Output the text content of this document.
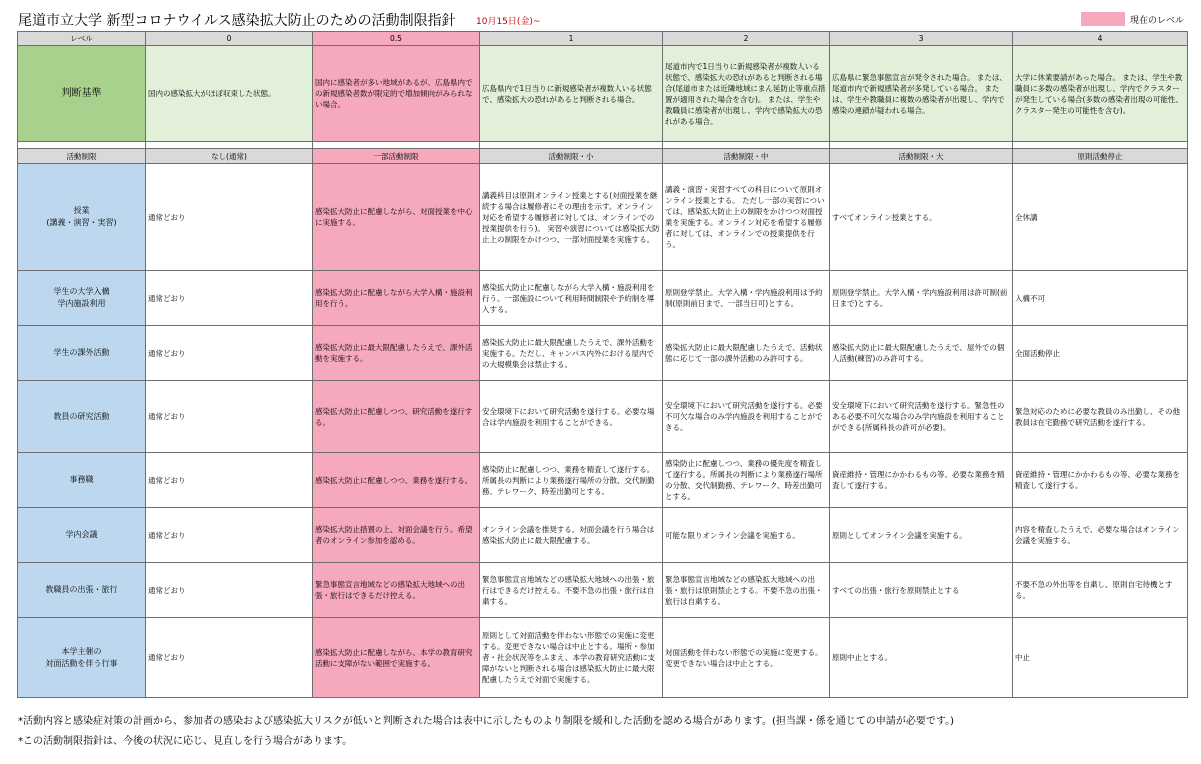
尾道市立大学 新型コロナウイルス感染拡大防止のための活動制限指針 10月15日(金)~	現在のレベル
レベル	0	0.5	1	2	3	4
判断基準	国内の感染拡大がほぼ収束した状態。	国内に感染者が多い地域があるが、広島県内での新規感染者数が限定的で増加傾向がみられない場合。	広島県内で1日当りに新規感染者が複数人いる状態で、感染拡大の恐れがあると判断される場合。	尾道市内で1日当りに新規感染者が複数人いる状態で、感染拡大の恐れがあると判断される場合(尾道市または近隣地域にまん延防止等重点措置が適用された場合を含む)。 または、学生や教職員に感染者が出現し、学内で感染拡大の恐れがある場合。	広島県に緊急事態宣言が発令された場合。 または、尾道市内で新規感染者が多発している場合。 または、学生や教職員に複数の感染者が出現し、学内で感染の連鎖が疑われる場合。	大学に休業要請があった場合。 または、学生や教職員に多数の感染者が出現し、学内でクラスターが発生している場合(多数の感染者出現の可能性、クラスター発生の可能性を含む)。

活動制限	なし(通常)	一部活動制限	活動制限・小	活動制限・中	活動制限・大	原則活動停止
授業
(講義・演習・実習)	通常どおり	感染拡大防止に配慮しながら、対面授業を中心に実施する。	講義科目は原則オンライン授業とする(対面授業を継続する場合は履修者にその理由を示す。オンライン対応を希望する履修者に対しては、オンラインでの授業提供を行う)。 実習や演習については感染拡大防止上の制限をかけつつ、一部対面授業を実施する。	講義・演習・実習すべての科目について原則オンライン授業とする。 ただし一部の実習については、感染拡大防止上の制限をかけつつ対面授業を実施する。オンライン対応を希望する履修者に対しては、オンラインでの授業提供を行う。	すべてオンライン授業とする。	全休講
学生の大学入構
学内施設利用	通常どおり	感染拡大防止に配慮しながら大学入構・施設利用を行う。	感染拡大防止に配慮しながら大学入構・施設利用を行う。一部施設について利用時間制限や予約制を導入する。	原則登学禁止。大学入構・学内施設利用は予約制(原則前日まで、一部当日可)とする。	原則登学禁止。大学入構・学内施設利用は許可制(前日まで)とする。	入構不可
学生の課外活動	通常どおり	感染拡大防止に最大限配慮したうえで、課外活動を実施する。	感染拡大防止に最大限配慮したうえで、課外活動を実施する。ただし、キャンパス内外における屋内での大規模集会は禁止する。	感染拡大防止に最大限配慮したうえで、活動状態に応じて一部の課外活動のみ許可する。	感染拡大防止に最大限配慮したうえで、屋外での個人活動(練習)のみ許可する。	全面活動停止
教員の研究活動	通常どおり	感染拡大防止に配慮しつつ、研究活動を遂行する。	安全環境下において研究活動を遂行する。必要な場合は学内施設を利用することができる。	安全環境下において研究活動を遂行する。必要不可欠な場合のみ学内施設を利用することができる。	安全環境下において研究活動を遂行する。緊急性のある必要不可欠な場合のみ学内施設を利用することができる(所属科長の許可が必要)。	緊急対応のために必要な教員のみ出勤し、その他教員は在宅勤務で研究活動を遂行する。
事務職	通常どおり	感染拡大防止に配慮しつつ、業務を遂行する。	感染防止に配慮しつつ、業務を精査して遂行する。所属長の判断により業務遂行場所の分散、交代制勤務、テレワーク、時差出勤可とする。	感染防止に配慮しつつ、業務の優先度を精査して遂行する。所属長の判断により業務遂行場所の分散、交代制勤務、テレワーク、時差出勤可とする。	資産維持・管理にかかわるもの等、必要な業務を精査して遂行する。	資産維持・管理にかかわるもの等、必要な業務を精査して遂行する。
学内会議	通常どおり	感染拡大防止措置の上、対面会議を行う。希望者のオンライン参加を認める。	オンライン会議を推奨する。対面会議を行う場合は感染拡大防止に最大限配慮する。	可能な限りオンライン会議を実施する。	原則としてオンライン会議を実施する。	内容を精査したうえで、必要な場合はオンライン会議を実施する。
教職員の出張・旅行	通常どおり	緊急事態宣言地域などの感染拡大地域への出張・旅行はできるだけ控える。	緊急事態宣言地域などの感染拡大地域への出張・旅行はできるだけ控える。不要不急の出張・旅行は自粛する。	緊急事態宣言地域などの感染拡大地域への出張・旅行は原則禁止とする。不要不急の出張・旅行は自粛する。	すべての出張・旅行を原則禁止とする	不要不急の外出等を自粛し、原則自宅待機とする。
本学主催の
対面活動を伴う行事	通常どおり	感染拡大防止に配慮しながら、本学の教育研究活動に支障がない範囲で実施する。	原則として対面活動を伴わない形態での実施に変更する。変更できない場合は中止とする。場所・参加者・社会状況等をふまえ、本学の教育研究活動に支障がないと判断される場合は感染拡大防止に最大限配慮したうえで対面で実施する。	対面活動を伴わない形態での実施に変更する。変更できない場合は中止とする。	原則中止とする。	中止
*活動内容と感染症対策の計画から、参加者の感染および感染拡大リスクが低いと判断された場合は表中に示したものより制限を緩和した活動を認める場合があります。(担当課・係を通じての申請が必要です。)
*この活動制限指針は、今後の状況に応じ、見直しを行う場合があります。
